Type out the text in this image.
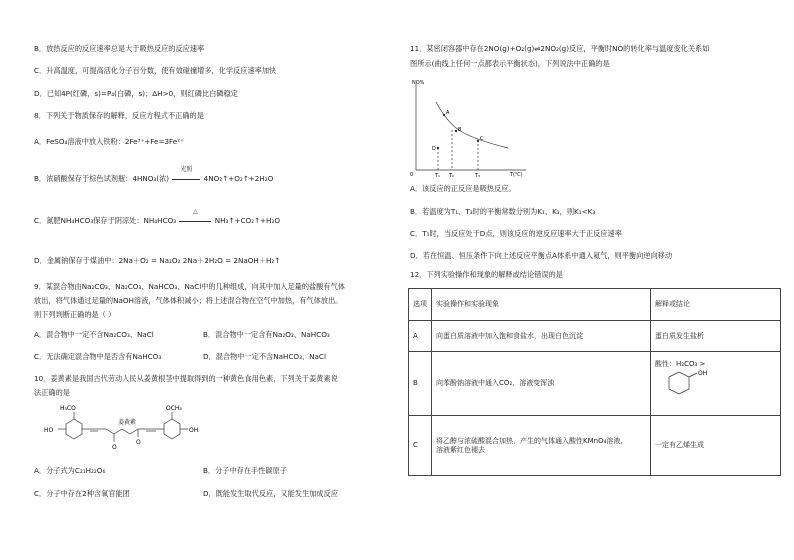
B．放热反应的反应速率总是大于吸热反应的反应速率
C．升高温度，可提高活化分子百分数，使有效碰撞增多，化学反应速率加快
D．已知4P(红磷，s)=P₄(白磷，s)；ΔH>0，则红磷比白磷稳定
8．下列关于物质保存的解释，反应方程式不正确的是
A．FeSO₄溶液中放入铁粉：2Fe³⁺+Fe=3Fe²⁺
B．浓硝酸保存于棕色试剂瓶：4HNO₃(浓)
光照
4NO₂↑+O₂↑+2H₂O
C．氮肥NH₄HCO₃保存于阴凉处：NH₄HCO₃
△
NH₃↑+CO₂↑+H₂O
D．金属钠保存于煤油中：2Na＋O₂ = Na₂O₂ 2Na＋2H₂O = 2NaOH＋H₂↑
9．某混合物由Na₂CO₃、Na₂CO₃、NaHCO₃、NaCl中的几种组成，向其中加入足量的盐酸有气体
放出，将气体通过足量的NaOH溶液，气体体积减小；将上述混合物在空气中加热，有气体放出。
则下列判断正确的是（ ）
A．混合物中一定不含Na₂CO₃、NaCl	B．混合物中一定含有Na₂O₂、NaHCO₃
C．无法确定混合物中是否含有NaHCO₃	D．混合物中一定不含NaHCO₃、NaCl
10．姜黄素是我国古代劳动人民从姜黄根茎中提取得到的一种黄色食用色素，下列关于姜黄素说
法正确的是
H₃CO
HO
O
O
姜黄素
OCH₃
OH
A．分子式为C₂₁H₂₂O₆	B．分子中存在手性碳原子
C．分子中存在2种含氧官能团	D．既能发生取代反应，又能发生加成反应
11．某密闭容器中存在2NO(g)+O₂(g)⇌2NO₂(g)反应，平衡时NO的转化率与温度变化关系如
图所示(曲线上任何一点都表示平衡状态)，下列说法中正确的是
NO%
T(℃)
0	T₁ T₂	T₃
A
B
C
D
A．该反应的正反应是吸热反应。
B．若温度为T₁、T₃时的平衡常数分别为K₁、K₃，则K₁<K₃
C．T₁时，当反应处于D点，则该反应的逆反应速率大于正反应速率
D．若在恒温、恒压条件下向上述反应平衡点A体系中通入氦气，则平衡向逆向移动
12．下列实验操作和现象的解释或结论错误的是
选项	实验操作和实验现象	解释或结论
A	向蛋白质溶液中加入饱和食盐水，出现白色沉淀	蛋白质发生盐析
B	向苯酚钠溶液中通入CO₂，溶液变浑浊	酸性：H₂CO₃ >
OH

C	将乙醇与浓硫酸混合加热，产生的气体通入酸性KMnO₄溶液，
溶液紫红色褪去	一定有乙烯生成
